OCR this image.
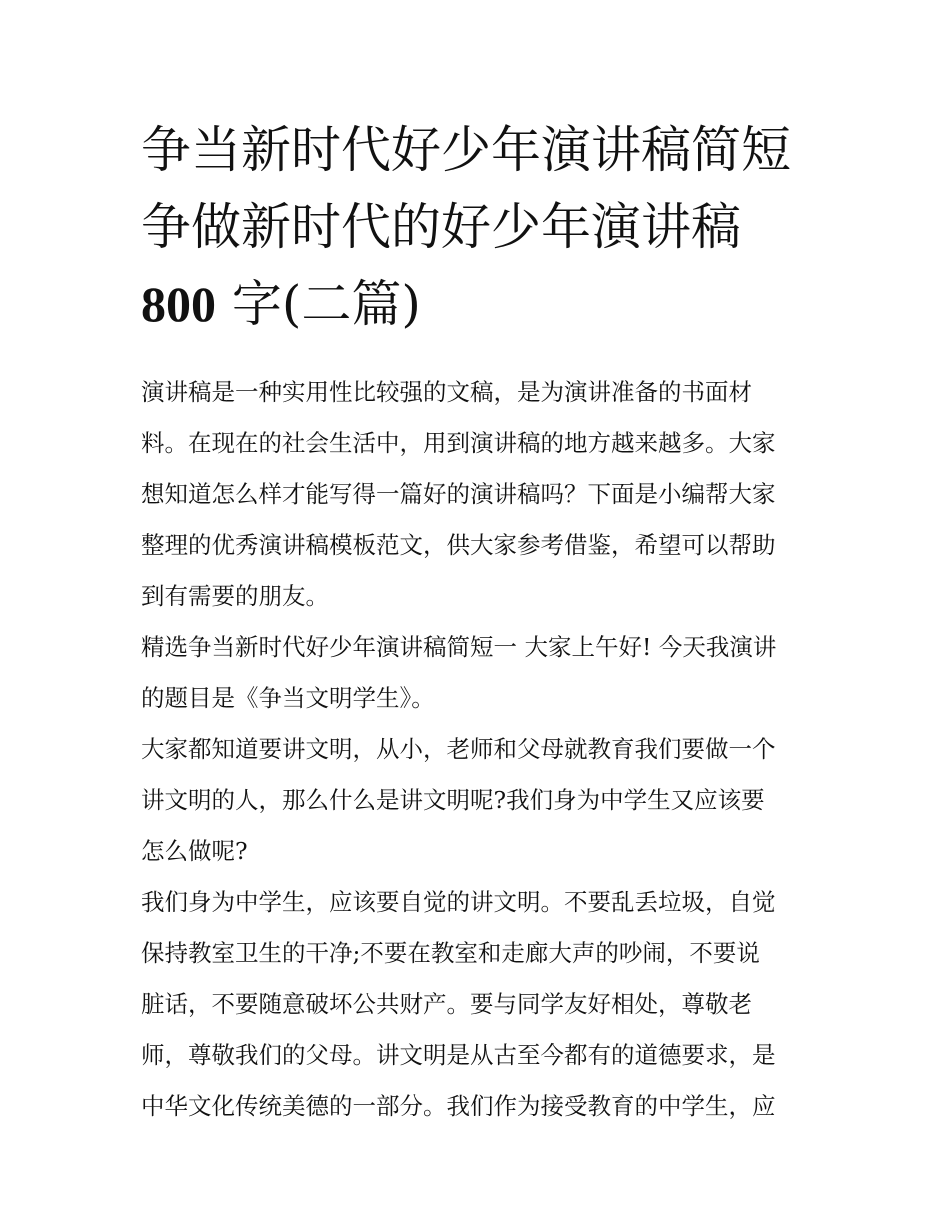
争当新时代好少年演讲稿简短
争做新时代的好少年演讲稿
800 字(二篇)

演讲稿是一种实用性比较强的文稿，是为演讲准备的书面材
料。在现在的社会生活中，用到演讲稿的地方越来越多。大家
想知道怎么样才能写得一篇好的演讲稿吗？下面是小编帮大家
整理的优秀演讲稿模板范文，供大家参考借鉴，希望可以帮助
到有需要的朋友。

精选争当新时代好少年演讲稿简短一 大家上午好! 今天我演讲
的题目是《争当文明学生》。

大家都知道要讲文明，从小，老师和父母就教育我们要做一个
讲文明的人，那么什么是讲文明呢?我们身为中学生又应该要
怎么做呢?

我们身为中学生，应该要自觉的讲文明。不要乱丢垃圾，自觉
保持教室卫生的干净;不要在教室和走廊大声的吵闹，不要说
脏话，不要随意破坏公共财产。要与同学友好相处，尊敬老
师，尊敬我们的父母。讲文明是从古至今都有的道德要求，是
中华文化传统美德的一部分。我们作为接受教育的中学生，应
